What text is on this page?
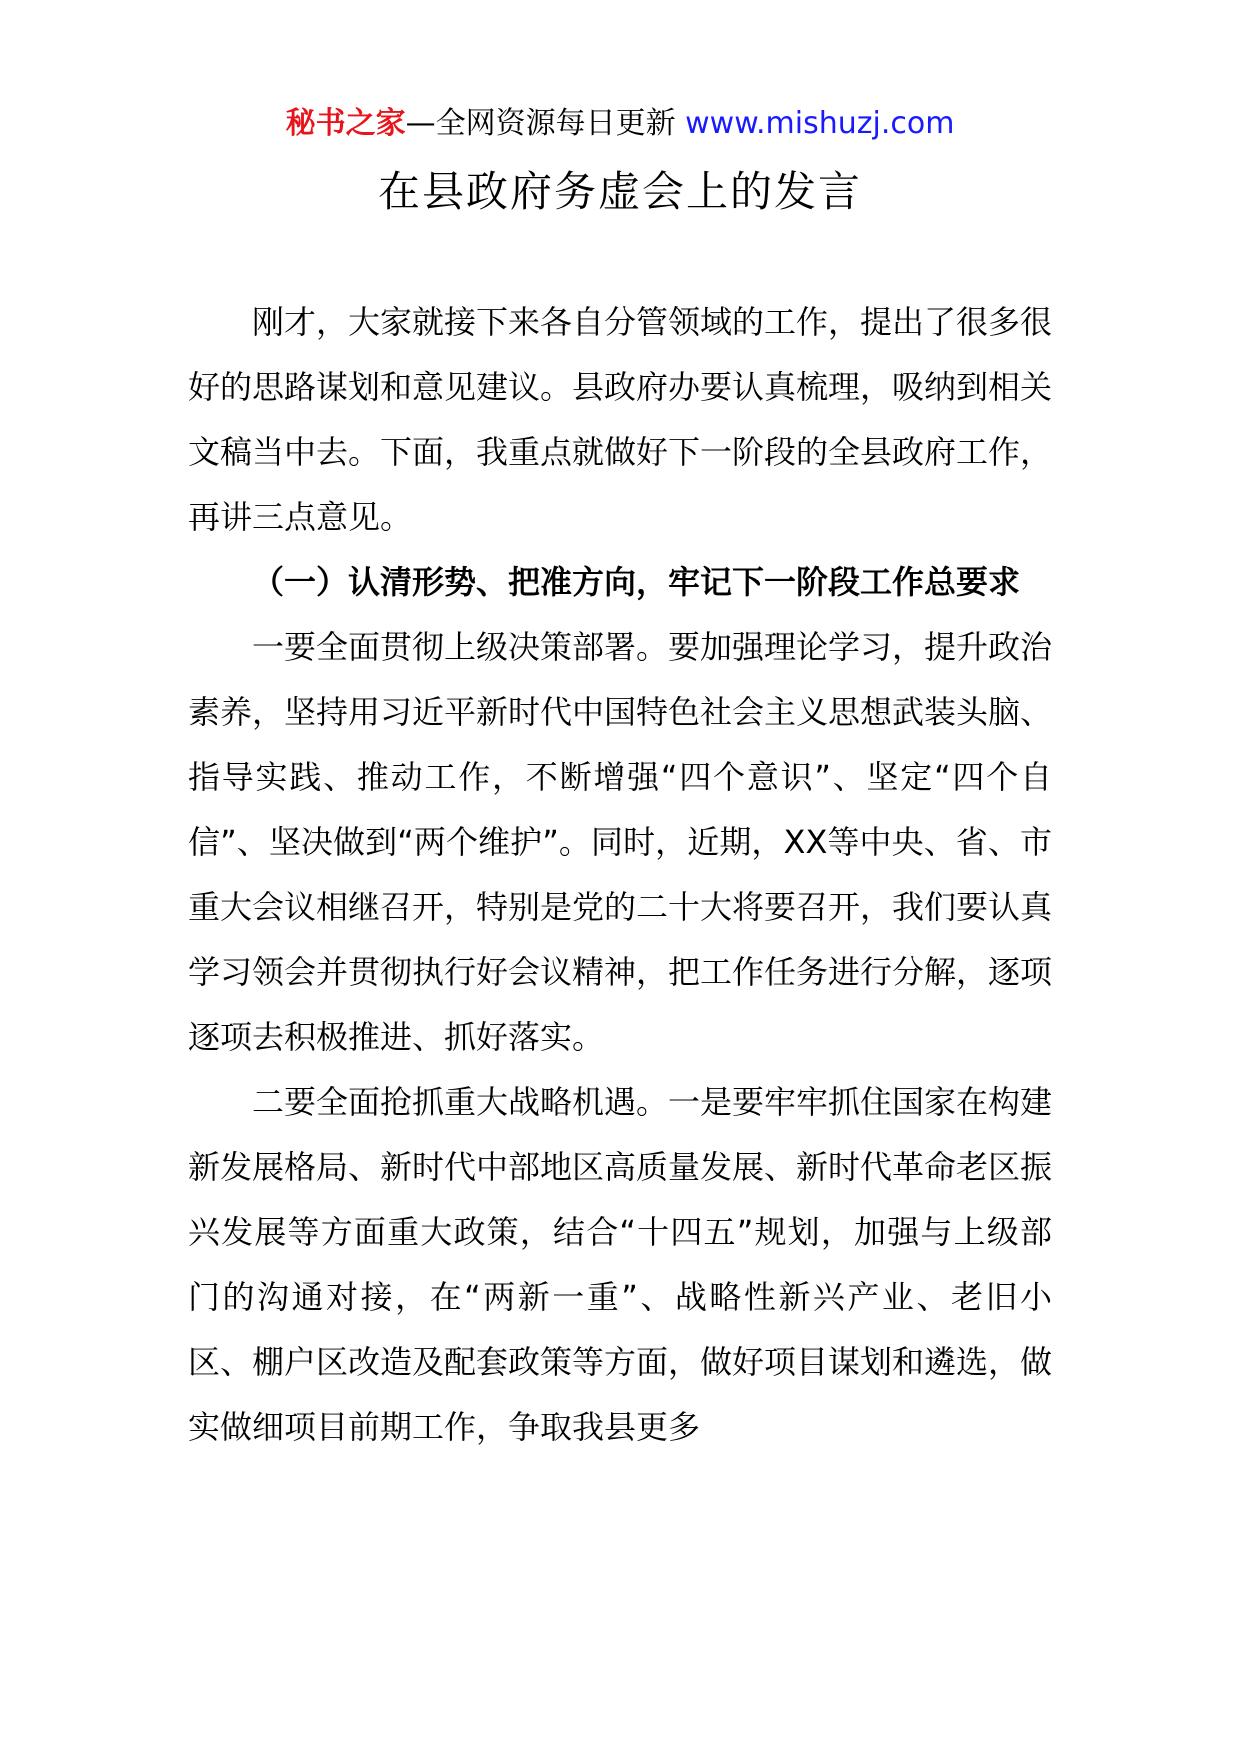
秘书之家—全网资源每日更新 www.mishuzj.com
在县政府务虚会上的发言

刚才，大家就接下来各自分管领域的工作，提出了很多很好的思路谋划和意见建议。县政府办要认真梳理，吸纳到相关文稿当中去。下面，我重点就做好下一阶段的全县政府工作，再讲三点意见。

（一）认清形势、把准方向，牢记下一阶段工作总要求

一要全面贯彻上级决策部署。要加强理论学习，提升政治素养，坚持用习近平新时代中国特色社会主义思想武装头脑、指导实践、推动工作，不断增强“四个意识”、坚定“四个自信”、坚决做到“两个维护”。同时，近期，XX等中央、省、市重大会议相继召开，特别是党的二十大将要召开，我们要认真学习领会并贯彻执行好会议精神，把工作任务进行分解，逐项逐项去积极推进、抓好落实。

二要全面抢抓重大战略机遇。一是要牢牢抓住国家在构建新发展格局、新时代中部地区高质量发展、新时代革命老区振兴发展等方面重大政策，结合“十四五”规划，加强与上级部门的沟通对接，在“两新一重”、战略性新兴产业、老旧小区、棚户区改造及配套政策等方面，做好项目谋划和遴选，做实做细项目前期工作，争取我县更多
